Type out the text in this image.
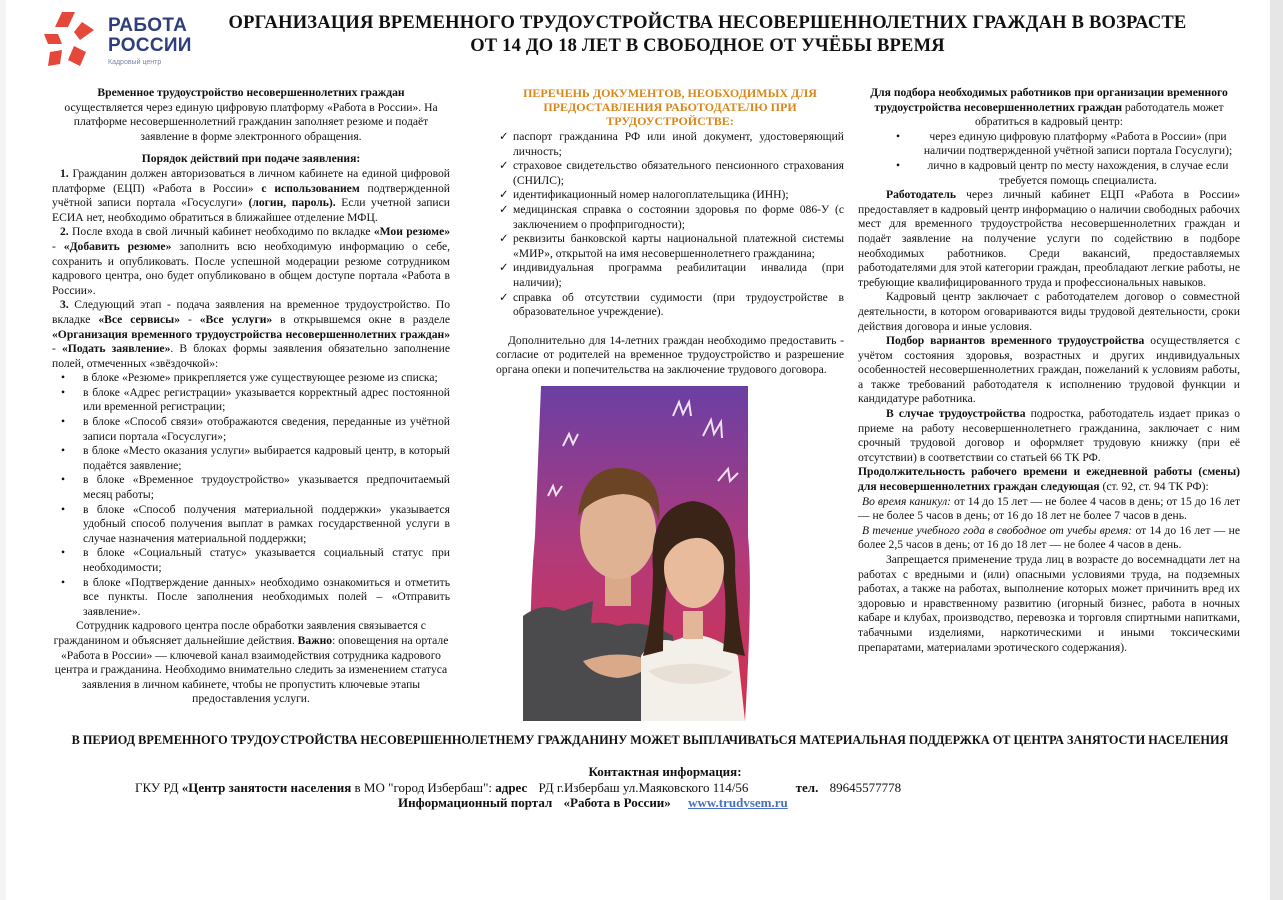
РАБОТА
РОССИИ
Кадровый центр
ОРГАНИЗАЦИЯ ВРЕМЕННОГО ТРУДОУСТРОЙСТВА НЕСОВЕРШЕННОЛЕТНИХ ГРАЖДАН В ВОЗРАСТЕ
ОТ 14 ДО 18 ЛЕТ В СВОБОДНОЕ ОТ УЧЁБЫ ВРЕМЯ

Временное трудоустройство несовершеннолетних граждан
осуществляется через единую цифровую платформу «Работа в России». На платформе несовершеннолетний гражданин заполняет резюме и подаёт заявление в форме электронного обращения.

Порядок действий при подаче заявления:

1. Гражданин должен авторизоваться в личном кабинете на единой цифровой платформе (ЕЦП) «Работа в России» с использованием подтвержденной учётной записи портала «Госуслуги» (логин, пароль). Если учетной записи ЕСИА нет, необходимо обратиться в ближайшее отделение МФЦ.

2. После входа в свой личный кабинет необходимо по вкладке «Мои резюме» - «Добавить резюме» заполнить всю необходимую информацию о себе, сохранить и опубликовать. После успешной модерации резюме сотрудником кадрового центра, оно будет опубликовано в общем доступе портала «Работа в России».

3. Следующий этап - подача заявления на временное трудоустройство. По вкладке «Все сервисы» - «Все услуги» в открывшемся окне в разделе «Организация временного трудоустройства несовершеннолетних граждан» - «Подать заявление». В блоках формы заявления обязательно заполнение полей, отмеченных «звёздочкой»:

• в блоке «Резюме» прикрепляется уже существующее резюме из списка;
• в блоке «Адрес регистрации» указывается корректный адрес постоянной или временной регистрации;
• в блоке «Способ связи» отображаются сведения, переданные из учётной записи портала «Госуслуги»;
• в блоке «Место оказания услуги» выбирается кадровый центр, в который подаётся заявление;
• в блоке «Временное трудоустройство» указывается предпочитаемый месяц работы;
• в блоке «Способ получения материальной поддержки» указывается удобный способ получения выплат в рамках государственной услуги в случае назначения материальной поддержки;
• в блоке «Социальный статус» указывается социальный статус при необходимости;
• в блоке «Подтверждение данных» необходимо ознакомиться и отметить все пункты. После заполнения необходимых полей – «Отправить заявление».

Сотрудник кадрового центра после обработки заявления связывается с гражданином и объясняет дальнейшие действия. Важно: оповещения на ортале «Работа в России» — ключевой канал взаимодействия сотрудника кадрового центра и гражданина. Необходимо внимательно следить за изменением статуса заявления в личном кабинете, чтобы не пропустить ключевые этапы предоставления услуги.

ПЕРЕЧЕНЬ ДОКУМЕНТОВ, НЕОБХОДИМЫХ ДЛЯ ПРЕДОСТАВЛЕНИЯ РАБОТОДАТЕЛЮ ПРИ ТРУДОУСТРОЙСТВЕ:

✓ паспорт гражданина РФ или иной документ, удостоверяющий личность;
✓ страховое свидетельство обязательного пенсионного страхования (СНИЛС);
✓ идентификационный номер налогоплательщика (ИНН);
✓ медицинская справка о состоянии здоровья по форме 086-У (с заключением о профпригодности);
✓ реквизиты банковской карты национальной платежной системы «МИР», открытой на имя несовершеннолетнего гражданина;
✓ индивидуальная программа реабилитации инвалида (при наличии);
✓ справка об отсутствии судимости (при трудоустройстве в образовательное учреждение).

Дополнительно для 14-летних граждан необходимо предоставить - согласие от родителей на временное трудоустройство и разрешение органа опеки и попечительства на заключение трудового договора.

Для подбора необходимых работников при организации временного трудоустройства несовершеннолетних граждан работодатель может обратиться в кадровый центр:

• через единую цифровую платформу «Работа в России» (при наличии подтвержденной учётной записи портала Госуслуги);
• лично в кадровый центр по месту нахождения, в случае если требуется помощь специалиста.

Работодатель через личный кабинет ЕЦП «Работа в России» предоставляет в кадровый центр информацию о наличии свободных рабочих мест для временного трудоустройства несовершеннолетних граждан и подаёт заявление на получение услуги по содействию в подборе необходимых работников. Среди вакансий, предоставляемых работодателями для этой категории граждан, преобладают легкие работы, не требующие квалифицированного труда и профессиональных навыков.

Кадровый центр заключает с работодателем договор о совместной деятельности, в котором оговариваются виды трудовой деятельности, сроки действия договора и иные условия.

Подбор вариантов временного трудоустройства осуществляется с учётом состояния здоровья, возрастных и других индивидуальных особенностей несовершеннолетних граждан, пожеланий к условиям работы, а также требований работодателя к исполнению трудовой функции и кандидатуре работника.

В случае трудоустройства подростка, работодатель издает приказ о приеме на работу несовершеннолетнего гражданина, заключает с ним срочный трудовой договор и оформляет трудовую книжку (при её отсутствии) в соответствии со статьей 66 ТК РФ.

Продолжительность рабочего времени и ежедневной работы (смены) для несовершеннолетних граждан следующая (ст. 92, ст. 94 ТК РФ):

Во время каникул: от 14 до 15 лет — не более 4 часов в день; от 15 до 16 лет — не более 5 часов в день; от 16 до 18 лет не более 7 часов в день.

В течение учебного года в свободное от учебы время: от 14 до 16 лет — не более 2,5 часов в день; от 16 до 18 лет — не более 4 часов в день.

Запрещается применение труда лиц в возрасте до восемнадцати лет на работах с вредными и (или) опасными условиями труда, на подземных работах, а также на работах, выполнение которых может причинить вред их здоровью и нравственному развитию (игорный бизнес, работа в ночных кабаре и клубах, производство, перевозка и торговля спиртными напитками, табачными изделиями, наркотическими и иными токсическими препаратами, материалами эротического содержания).

В ПЕРИОД ВРЕМЕННОГО ТРУДОУСТРОЙСТВА НЕСОВЕРШЕННОЛЕТНЕМУ ГРАЖДАНИНУ МОЖЕТ ВЫПЛАЧИВАТЬСЯ МАТЕРИАЛЬНАЯ ПОДДЕРЖКА ОТ ЦЕНТРА ЗАНЯТОСТИ НАСЕЛЕНИЯ
Контактная информация:
ГКУ РД «Центр занятости населения в МО "город Избербаш": адрес РД г.Избербаш ул.Маяковского 114/56	тел. 89645577778
Информационный портал «Работа в России» www.trudvsem.ru
